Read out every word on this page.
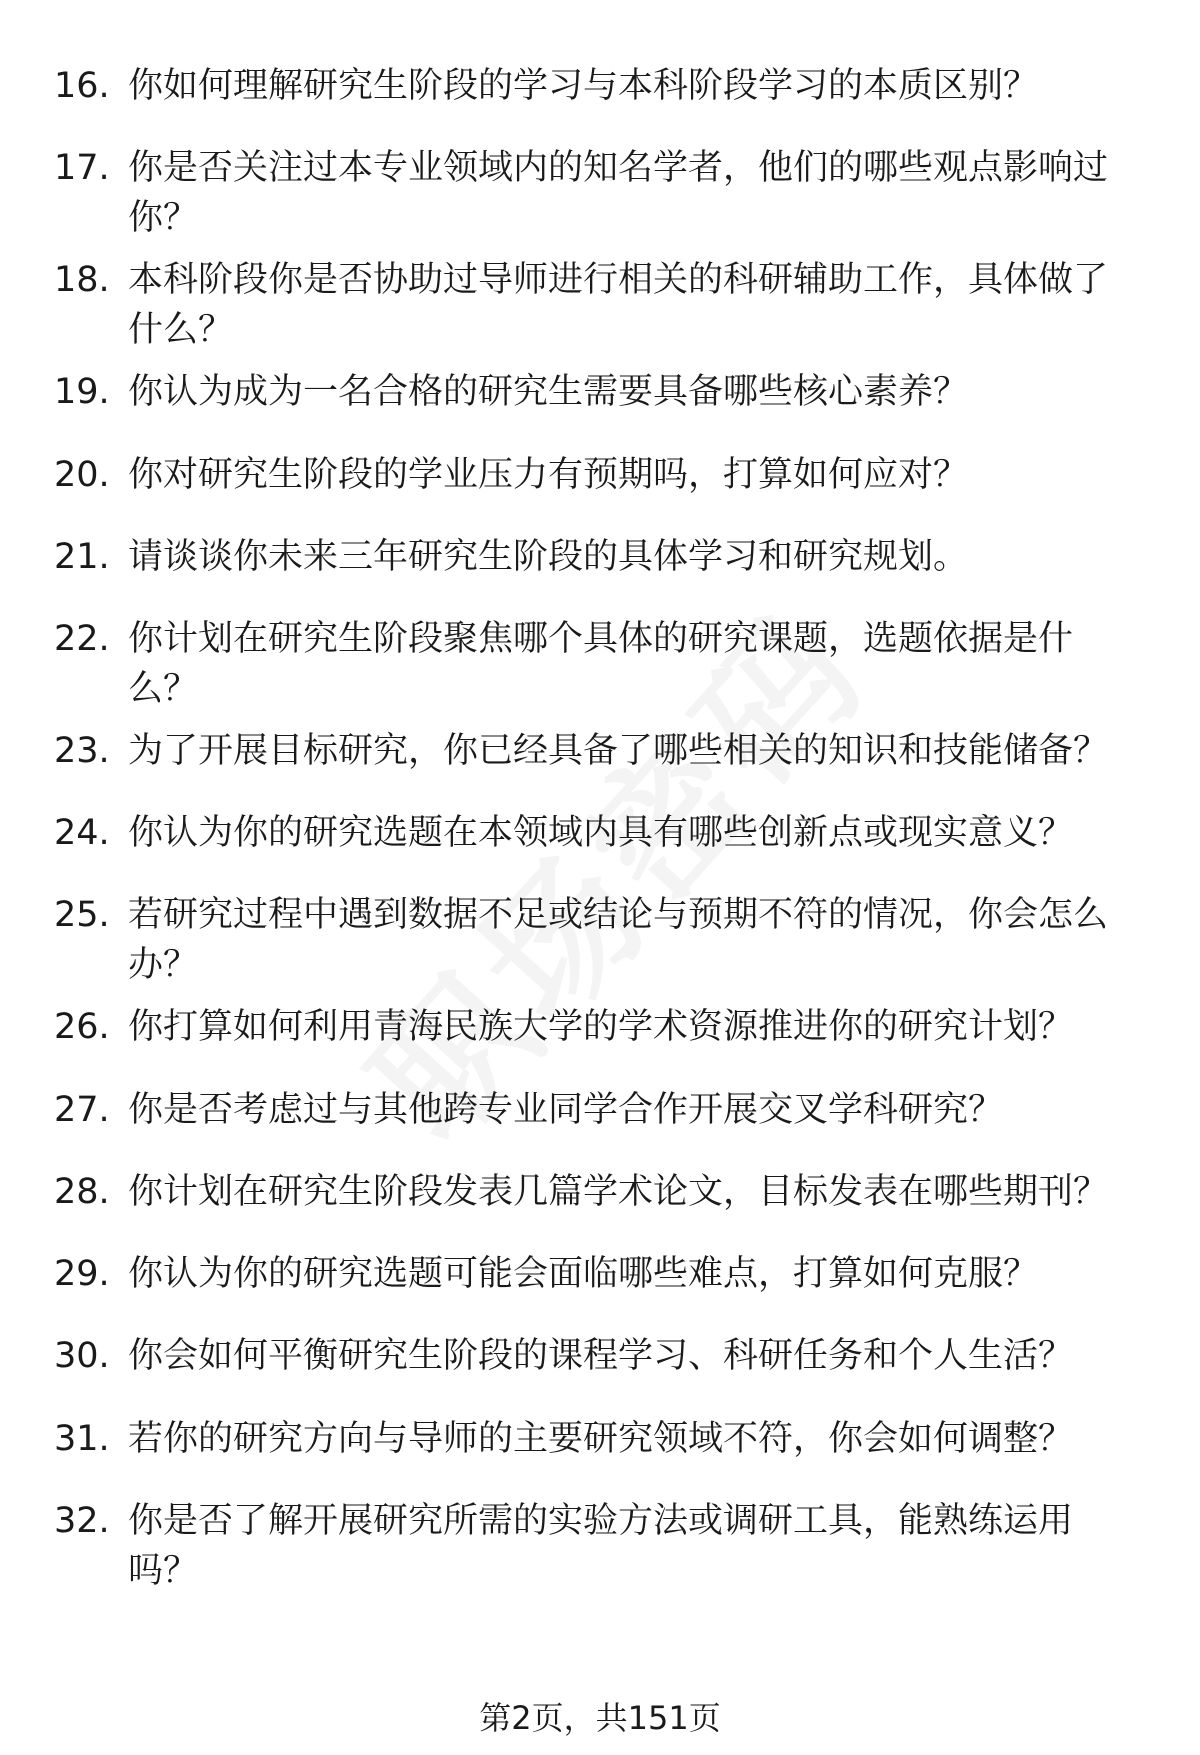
16. 你如何理解研究生阶段的学习与本科阶段学习的本质区别？
17. 你是否关注过本专业领域内的知名学者，他们的哪些观点影响过你？
18. 本科阶段你是否协助过导师进行相关的科研辅助工作，具体做了什么？
19. 你认为成为一名合格的研究生需要具备哪些核心素养？
20. 你对研究生阶段的学业压力有预期吗，打算如何应对？
21. 请谈谈你未来三年研究生阶段的具体学习和研究规划。
22. 你计划在研究生阶段聚焦哪个具体的研究课题，选题依据是什么？
23. 为了开展目标研究，你已经具备了哪些相关的知识和技能储备？
24. 你认为你的研究选题在本领域内具有哪些创新点或现实意义？
25. 若研究过程中遇到数据不足或结论与预期不符的情况，你会怎么办？
26. 你打算如何利用青海民族大学的学术资源推进你的研究计划？
27. 你是否考虑过与其他跨专业同学合作开展交叉学科研究？
28. 你计划在研究生阶段发表几篇学术论文，目标发表在哪些期刊？
29. 你认为你的研究选题可能会面临哪些难点，打算如何克服？
30. 你会如何平衡研究生阶段的课程学习、科研任务和个人生活？
31. 若你的研究方向与导师的主要研究领域不符，你会如何调整？
32. 你是否了解开展研究所需的实验方法或调研工具，能熟练运用吗？
第2页，共151页
